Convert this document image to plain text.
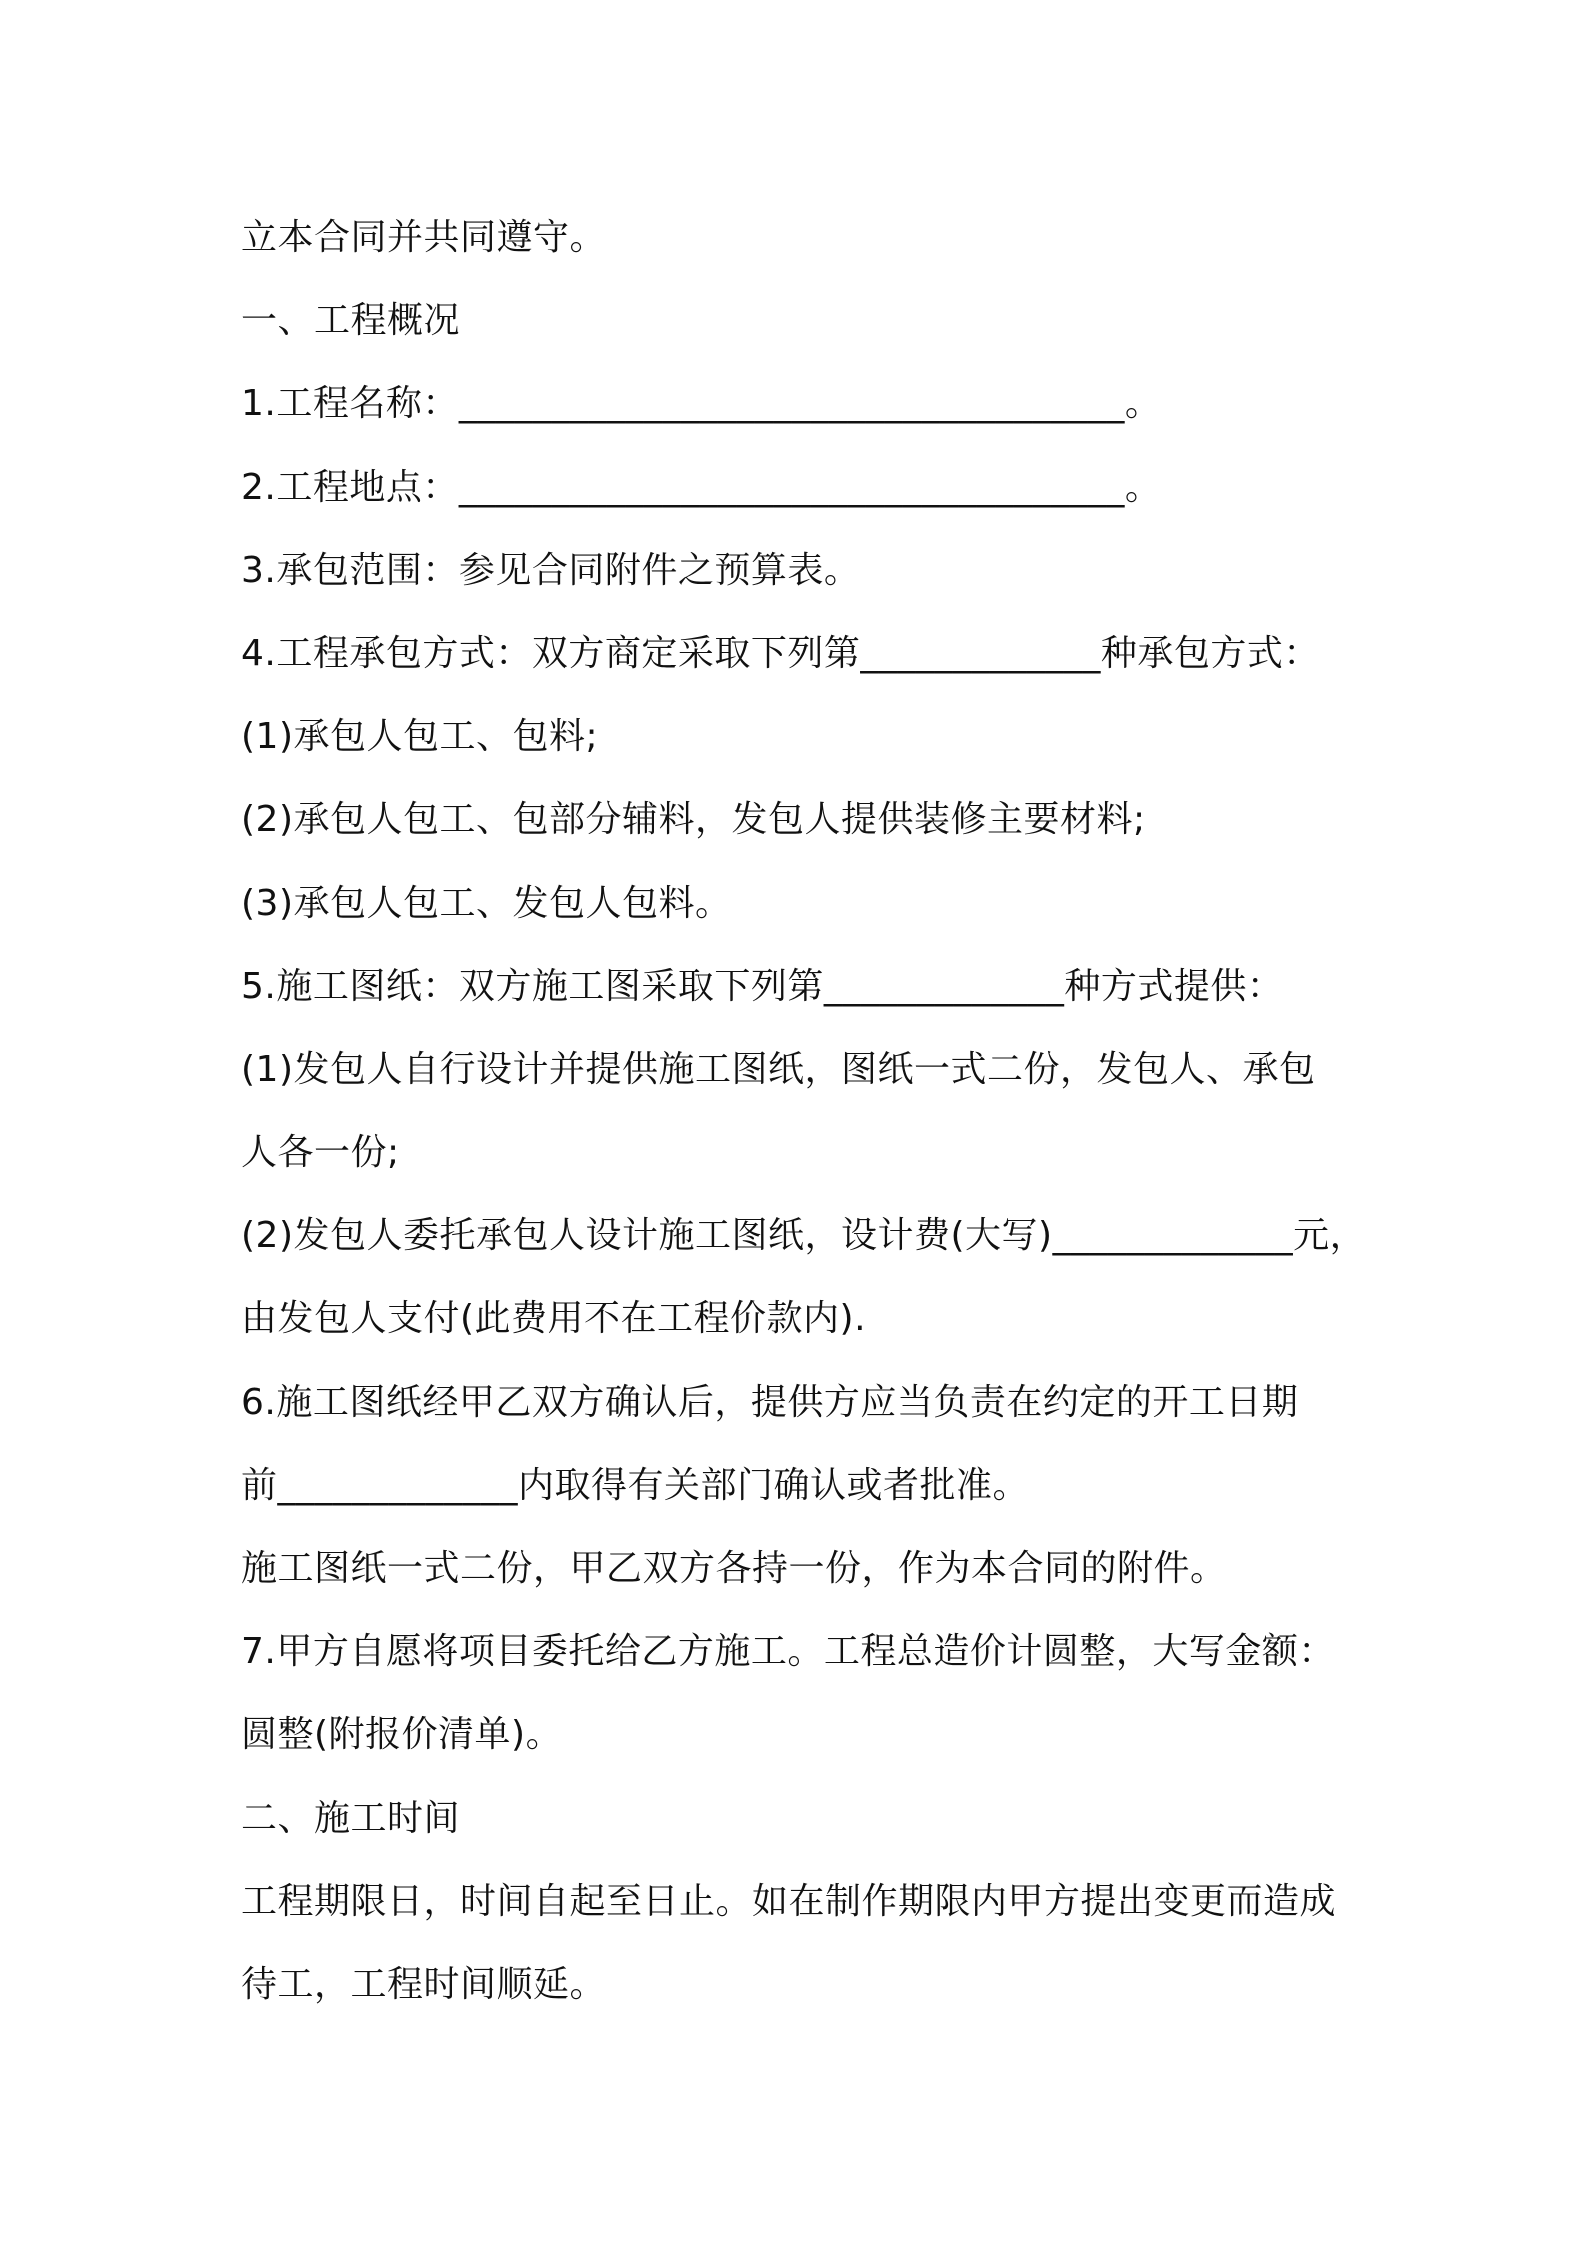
立本合同并共同遵守。
一、工程概况
1.工程名称：____________________________________。
2.工程地点：____________________________________。
3.承包范围：参见合同附件之预算表。
4.工程承包方式：双方商定采取下列第_____________种承包方式：
(1)承包人包工、包料;
(2)承包人包工、包部分辅料，发包人提供装修主要材料;
(3)承包人包工、发包人包料。
5.施工图纸：双方施工图采取下列第_____________种方式提供：
(1)发包人自行设计并提供施工图纸，图纸一式二份，发包人、承包
人各一份;
(2)发包人委托承包人设计施工图纸，设计费(大写)_____________元，
由发包人支付(此费用不在工程价款内).
6.施工图纸经甲乙双方确认后，提供方应当负责在约定的开工日期
前_____________内取得有关部门确认或者批准。
施工图纸一式二份，甲乙双方各持一份，作为本合同的附件。
7.甲方自愿将项目委托给乙方施工。工程总造价计圆整，大写金额：
圆整(附报价清单)。
二、施工时间
工程期限日，时间自起至日止。如在制作期限内甲方提出变更而造成
待工，工程时间顺延。
